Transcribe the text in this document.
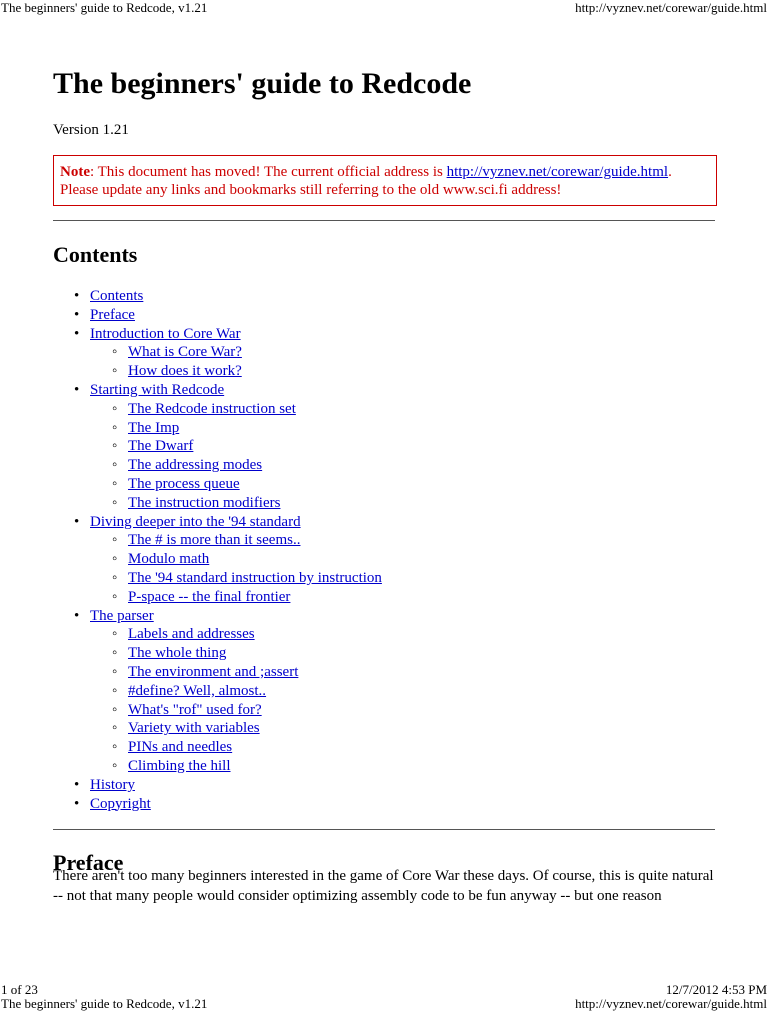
The beginners' guide to Redcode, v1.21	http://vyznev.net/corewar/guide.html
The beginners' guide to Redcode
Version 1.21
Note: This document has moved! The current official address is http://vyznev.net/corewar/guide.html.
Please update any links and bookmarks still referring to the old www.sci.fi address!
Contents
• Contents
• Preface
• Introduction to Core War
◦ What is Core War?
◦ How does it work?
• Starting with Redcode
◦ The Redcode instruction set
◦ The Imp
◦ The Dwarf
◦ The addressing modes
◦ The process queue
◦ The instruction modifiers
• Diving deeper into the '94 standard
◦ The # is more than it seems..
◦ Modulo math
◦ The '94 standard instruction by instruction
◦ P-space -- the final frontier
• The parser
◦ Labels and addresses
◦ The whole thing
◦ The environment and ;assert
◦ #define? Well, almost..
◦ What's "rof" used for?
◦ Variety with variables
◦ PINs and needles
◦ Climbing the hill
• History
• Copyright
Preface
There aren't too many beginners interested in the game of Core War these days. Of course, this is quite natural -- not that many people would consider optimizing assembly code to be fun anyway -- but one reason
1 of 23	12/7/2012 4:53 PM
The beginners' guide to Redcode, v1.21	http://vyznev.net/corewar/guide.html
